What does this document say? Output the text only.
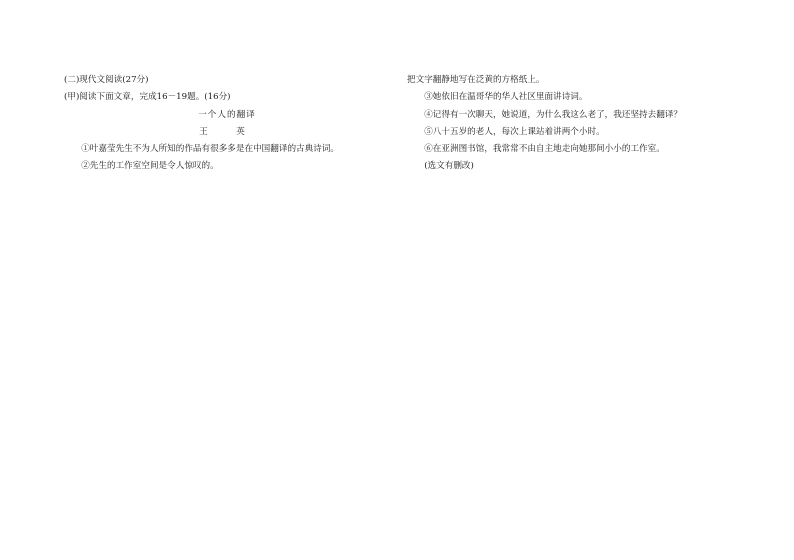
(二)现代文阅读(27分)

(甲)阅读下面文章，完成16－19题。(16分)

一个人的翻译

王　英

①叶嘉莹先生不为人所知的作品有很多多是在中国翻译的古典诗词。

②先生的工作室空间是令人惊叹的。

把文字翻静地写在泛黄的方格纸上。

③她依旧在温哥华的华人社区里面讲诗词。

④记得有一次聊天，她说道，为什么我这么老了，我还坚持去翻译？

⑤八十五岁的老人，每次上课站着讲两个小时。

⑥在亚洲图书馆，我常常不由自主地走向她那间小小的工作室。

(选文有删改)
